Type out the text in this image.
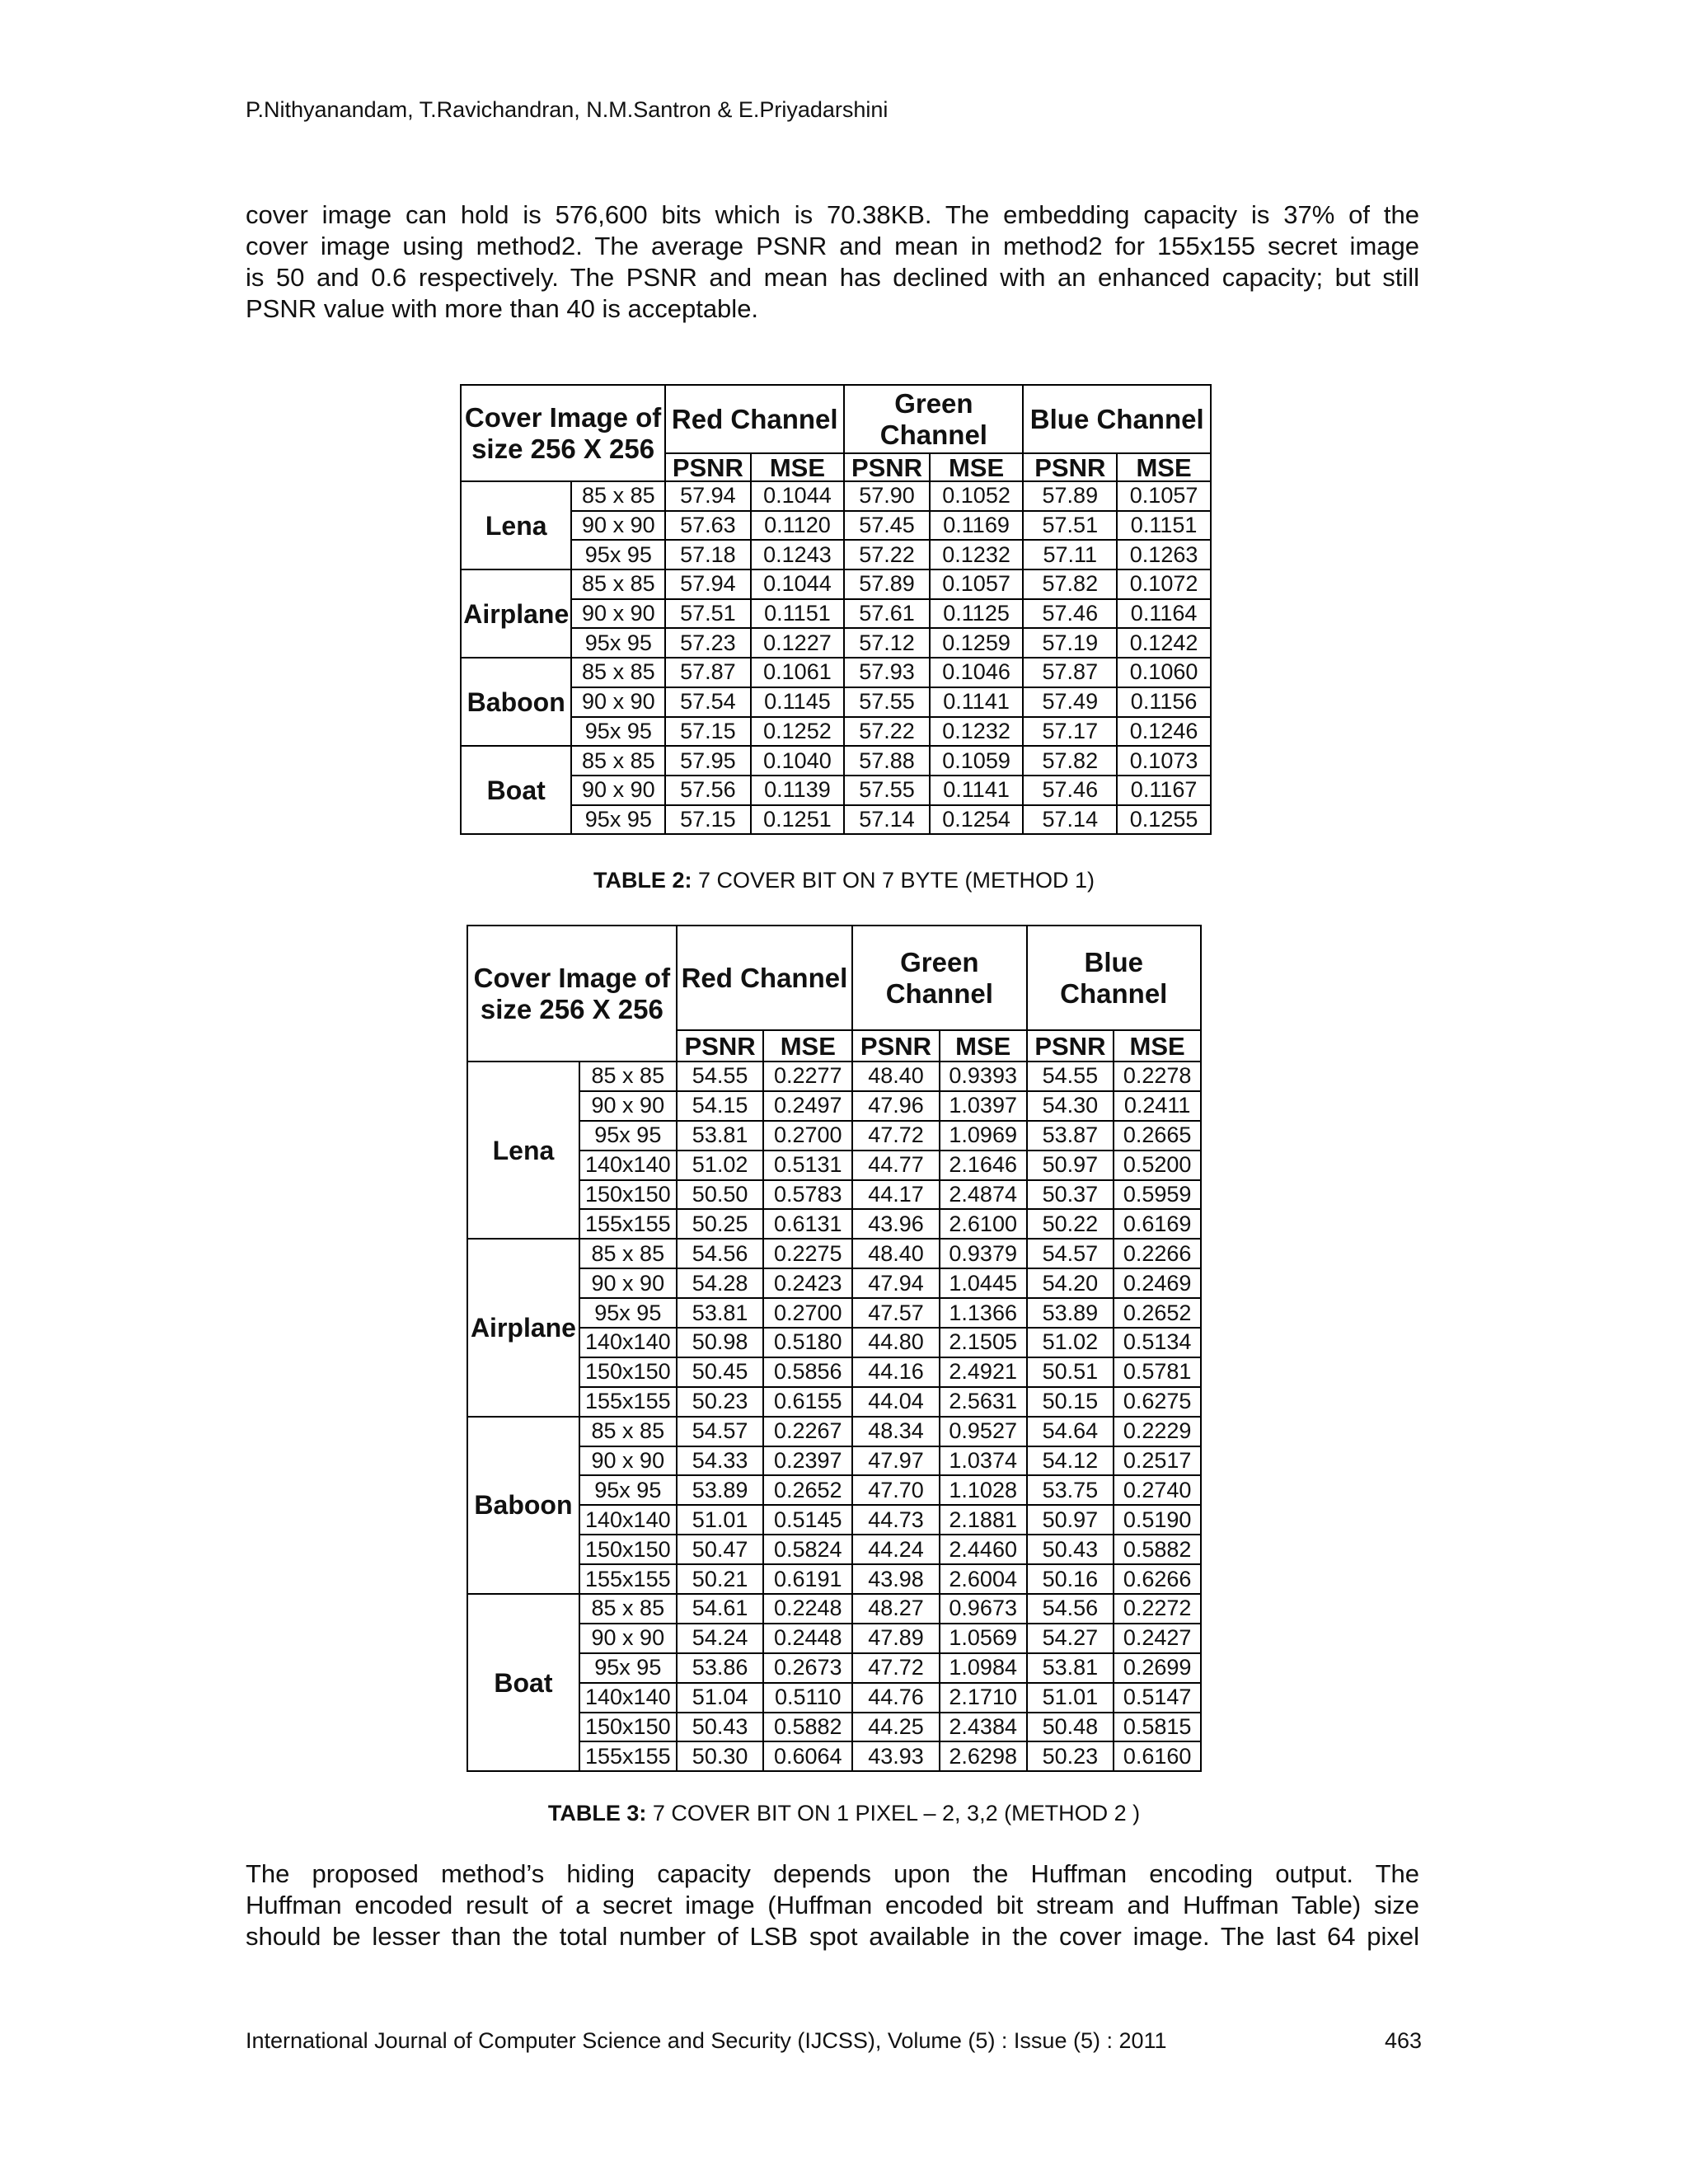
P.Nithyanandam, T.Ravichandran, N.M.Santron & E.Priyadarshini
cover image can hold is 576,600 bits which is 70.38KB. The embedding capacity is 37% of the
cover image using method2. The average PSNR and mean in method2 for 155x155 secret image
is 50 and 0.6 respectively. The PSNR and mean has declined with an enhanced capacity; but still
PSNR value with more than 40 is acceptable.
Cover Image of size 256 X 256		Red Channel		Green Channel		Blue Channel	
		PSNR	MSE	PSNR	MSE	PSNR	MSE
Lena	85 x 85	57.94	0.1044	57.90	0.1052	57.89	0.1057
	90 x 90	57.63	0.1120	57.45	0.1169	57.51	0.1151
	95x 95	57.18	0.1243	57.22	0.1232	57.11	0.1263
Airplane	85 x 85	57.94	0.1044	57.89	0.1057	57.82	0.1072
	90 x 90	57.51	0.1151	57.61	0.1125	57.46	0.1164
	95x 95	57.23	0.1227	57.12	0.1259	57.19	0.1242
Baboon	85 x 85	57.87	0.1061	57.93	0.1046	57.87	0.1060
	90 x 90	57.54	0.1145	57.55	0.1141	57.49	0.1156
	95x 95	57.15	0.1252	57.22	0.1232	57.17	0.1246
Boat	85 x 85	57.95	0.1040	57.88	0.1059	57.82	0.1073
	90 x 90	57.56	0.1139	57.55	0.1141	57.46	0.1167
	95x 95	57.15	0.1251	57.14	0.1254	57.14	0.1255
TABLE 2: 7 COVER BIT ON 7 BYTE (METHOD 1)
Cover Image of size 256 X 256		Red Channel		Green Channel		Blue Channel	
		PSNR	MSE	PSNR	MSE	PSNR	MSE
Lena	85 x 85	54.55	0.2277	48.40	0.9393	54.55	0.2278
	90 x 90	54.15	0.2497	47.96	1.0397	54.30	0.2411
	95x 95	53.81	0.2700	47.72	1.0969	53.87	0.2665
	140x140	51.02	0.5131	44.77	2.1646	50.97	0.5200
	150x150	50.50	0.5783	44.17	2.4874	50.37	0.5959
	155x155	50.25	0.6131	43.96	2.6100	50.22	0.6169
Airplane	85 x 85	54.56	0.2275	48.40	0.9379	54.57	0.2266
	90 x 90	54.28	0.2423	47.94	1.0445	54.20	0.2469
	95x 95	53.81	0.2700	47.57	1.1366	53.89	0.2652
	140x140	50.98	0.5180	44.80	2.1505	51.02	0.5134
	150x150	50.45	0.5856	44.16	2.4921	50.51	0.5781
	155x155	50.23	0.6155	44.04	2.5631	50.15	0.6275
Baboon	85 x 85	54.57	0.2267	48.34	0.9527	54.64	0.2229
	90 x 90	54.33	0.2397	47.97	1.0374	54.12	0.2517
	95x 95	53.89	0.2652	47.70	1.1028	53.75	0.2740
	140x140	51.01	0.5145	44.73	2.1881	50.97	0.5190
	150x150	50.47	0.5824	44.24	2.4460	50.43	0.5882
	155x155	50.21	0.6191	43.98	2.6004	50.16	0.6266
Boat	85 x 85	54.61	0.2248	48.27	0.9673	54.56	0.2272
	90 x 90	54.24	0.2448	47.89	1.0569	54.27	0.2427
	95x 95	53.86	0.2673	47.72	1.0984	53.81	0.2699
	140x140	51.04	0.5110	44.76	2.1710	51.01	0.5147
	150x150	50.43	0.5882	44.25	2.4384	50.48	0.5815
	155x155	50.30	0.6064	43.93	2.6298	50.23	0.6160
TABLE 3: 7 COVER BIT ON 1 PIXEL – 2, 3,2 (METHOD 2 )
The proposed method’s hiding capacity depends upon the Huffman encoding output. The
Huffman encoded result of a secret image (Huffman encoded bit stream and Huffman Table) size
should be lesser than the total number of LSB spot available in the cover image. The last 64 pixel
International Journal of Computer Science and Security (IJCSS), Volume (5) : Issue (5) : 2011	463
